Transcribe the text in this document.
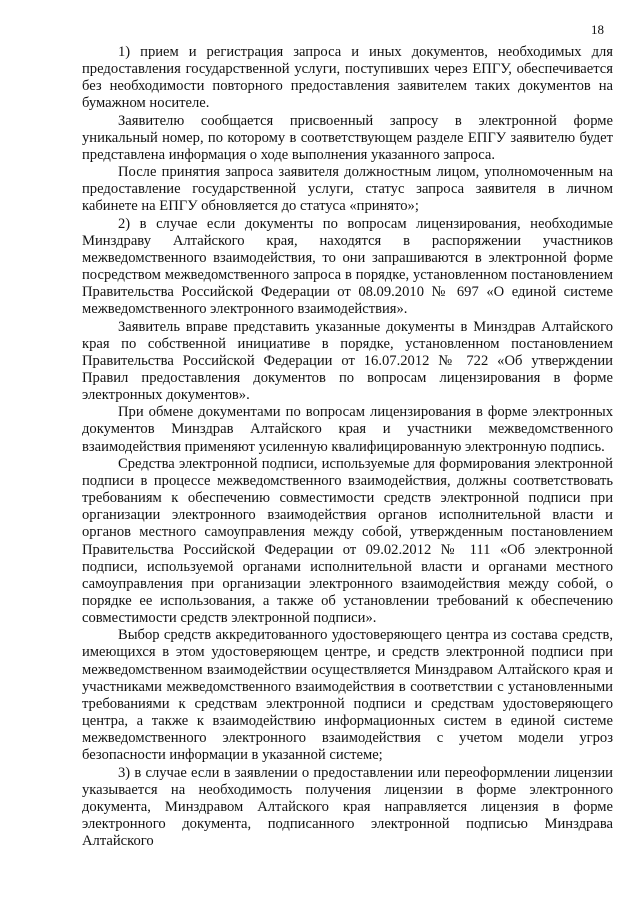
18

1) прием и регистрация запроса и иных документов, необходимых для предоставления государственной услуги, поступивших через ЕПГУ, обеспечивается без необходимости повторного предоставления заявителем таких документов на бумажном носителе.

Заявителю сообщается присвоенный запросу в электронной форме уникальный номер, по которому в соответствующем разделе ЕПГУ заявителю будет представлена информация о ходе выполнения указанного запроса.

После принятия запроса заявителя должностным лицом, уполномоченным на предоставление государственной услуги, статус запроса заявителя в личном кабинете на ЕПГУ обновляется до статуса «принято»;

2) в случае если документы по вопросам лицензирования, необходимые Минздраву Алтайского края, находятся в распоряжении участников межведомственного взаимодействия, то они запрашиваются в электронной форме посредством межведомственного запроса в порядке, установленном постановлением Правительства Российской Федерации от 08.09.2010 № 697 «О единой системе межведомственного электронного взаимодействия».

Заявитель вправе представить указанные документы в Минздрав Алтайского края по собственной инициативе в порядке, установленном постановлением Правительства Российской Федерации от 16.07.2012 № 722 «Об утверждении Правил предоставления документов по вопросам лицензирования в форме электронных документов».

При обмене документами по вопросам лицензирования в форме электронных документов Минздрав Алтайского края и участники межведомственного взаимодействия применяют усиленную квалифицированную электронную подпись.

Средства электронной подписи, используемые для формирования электронной подписи в процессе межведомственного взаимодействия, должны соответствовать требованиям к обеспечению совместимости средств электронной подписи при организации электронного взаимодействия органов исполнительной власти и органов местного самоуправления между собой, утвержденным постановлением Правительства Российской Федерации от 09.02.2012 № 111 «Об электронной подписи, используемой органами исполнительной власти и органами местного самоуправления при организации электронного взаимодействия между собой, о порядке ее использования, а также об установлении требований к обеспечению совместимости средств электронной подписи».

Выбор средств аккредитованного удостоверяющего центра из состава средств, имеющихся в этом удостоверяющем центре, и средств электронной подписи при межведомственном взаимодействии осуществляется Минздравом Алтайского края и участниками межведомственного взаимодействия в соответствии с установленными требованиями к средствам электронной подписи и средствам удостоверяющего центра, а также к взаимодействию информационных систем в единой системе межведомственного электронного взаимодействия с учетом модели угроз безопасности информации в указанной системе;

3) в случае если в заявлении о предоставлении или переоформлении лицензии указывается на необходимость получения лицензии в форме электронного документа, Минздравом Алтайского края направляется лицензия в форме электронного документа, подписанного электронной подписью Минздрава Алтайского
